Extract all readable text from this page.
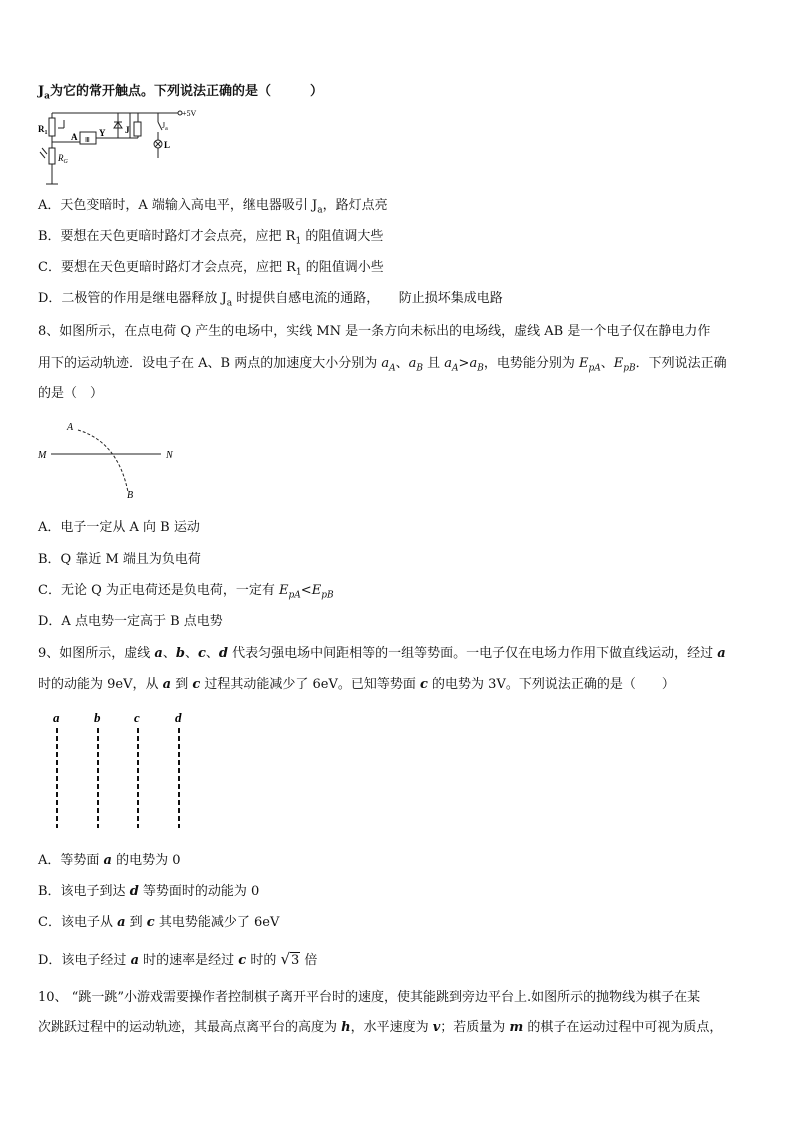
$J_a$为它的常开触点。下列说法正确的是（　　　）
+5V
$R_1$	A Ⅲ
Y J	$J_a$
L
$R_G$
A．天色变暗时，A 端输入高电平，继电器吸引 $J_a$，路灯点亮
B．要想在天色更暗时路灯才会点亮，应把 $R_1$ 的阻值调大些
C．要想在天色更暗时路灯才会点亮，应把 $R_1$ 的阻值调小些
D．二极管的作用是继电器释放 $J_a$ 时提供自感电流的通路，　　防止损坏集成电路
8、如图所示，在点电荷 Q 产生的电场中，实线 MN 是一条方向未标出的电场线，虚线 AB 是一个电子仅在静电力作
用下的运动轨迹．设电子在 A、B 两点的加速度大小分别为 $a_A$、$a_B$ 且 $a_A>a_B$，电势能分别为 $E_{pA}$、$E_{pB}$．下列说法正确
的是（　）
M	N
A
B
A．电子一定从 A 向 B 运动
B．Q 靠近 M 端且为负电荷
C．无论 Q 为正电荷还是负电荷，一定有 $E_{pA}<E_{pB}$
D．A 点电势一定高于 B 点电势
9、如图所示，虚线 a、b、c、d 代表匀强电场中间距相等的一组等势面。一电子仅在电场力作用下做直线运动，经过 a
时的动能为 9eV，从 a 到 c 过程其动能减少了 6eV。已知等势面 c 的电势为 3V。下列说法正确的是（　　）
a	b	c	d
A．等势面 a 的电势为 0
B．该电子到达 d 等势面时的动能为 0
C．该电子从 a 到 c 其电势能减少了 6eV
D．该电子经过 a 时的速率是经过 c 时的 √3 倍
10、 “跳一跳”小游戏需要操作者控制棋子离开平台时的速度，使其能跳到旁边平台上.如图所示的抛物线为棋子在某
次跳跃过程中的运动轨迹，其最高点离平台的高度为 h，水平速度为 v；若质量为 m 的棋子在运动过程中可视为质点，
